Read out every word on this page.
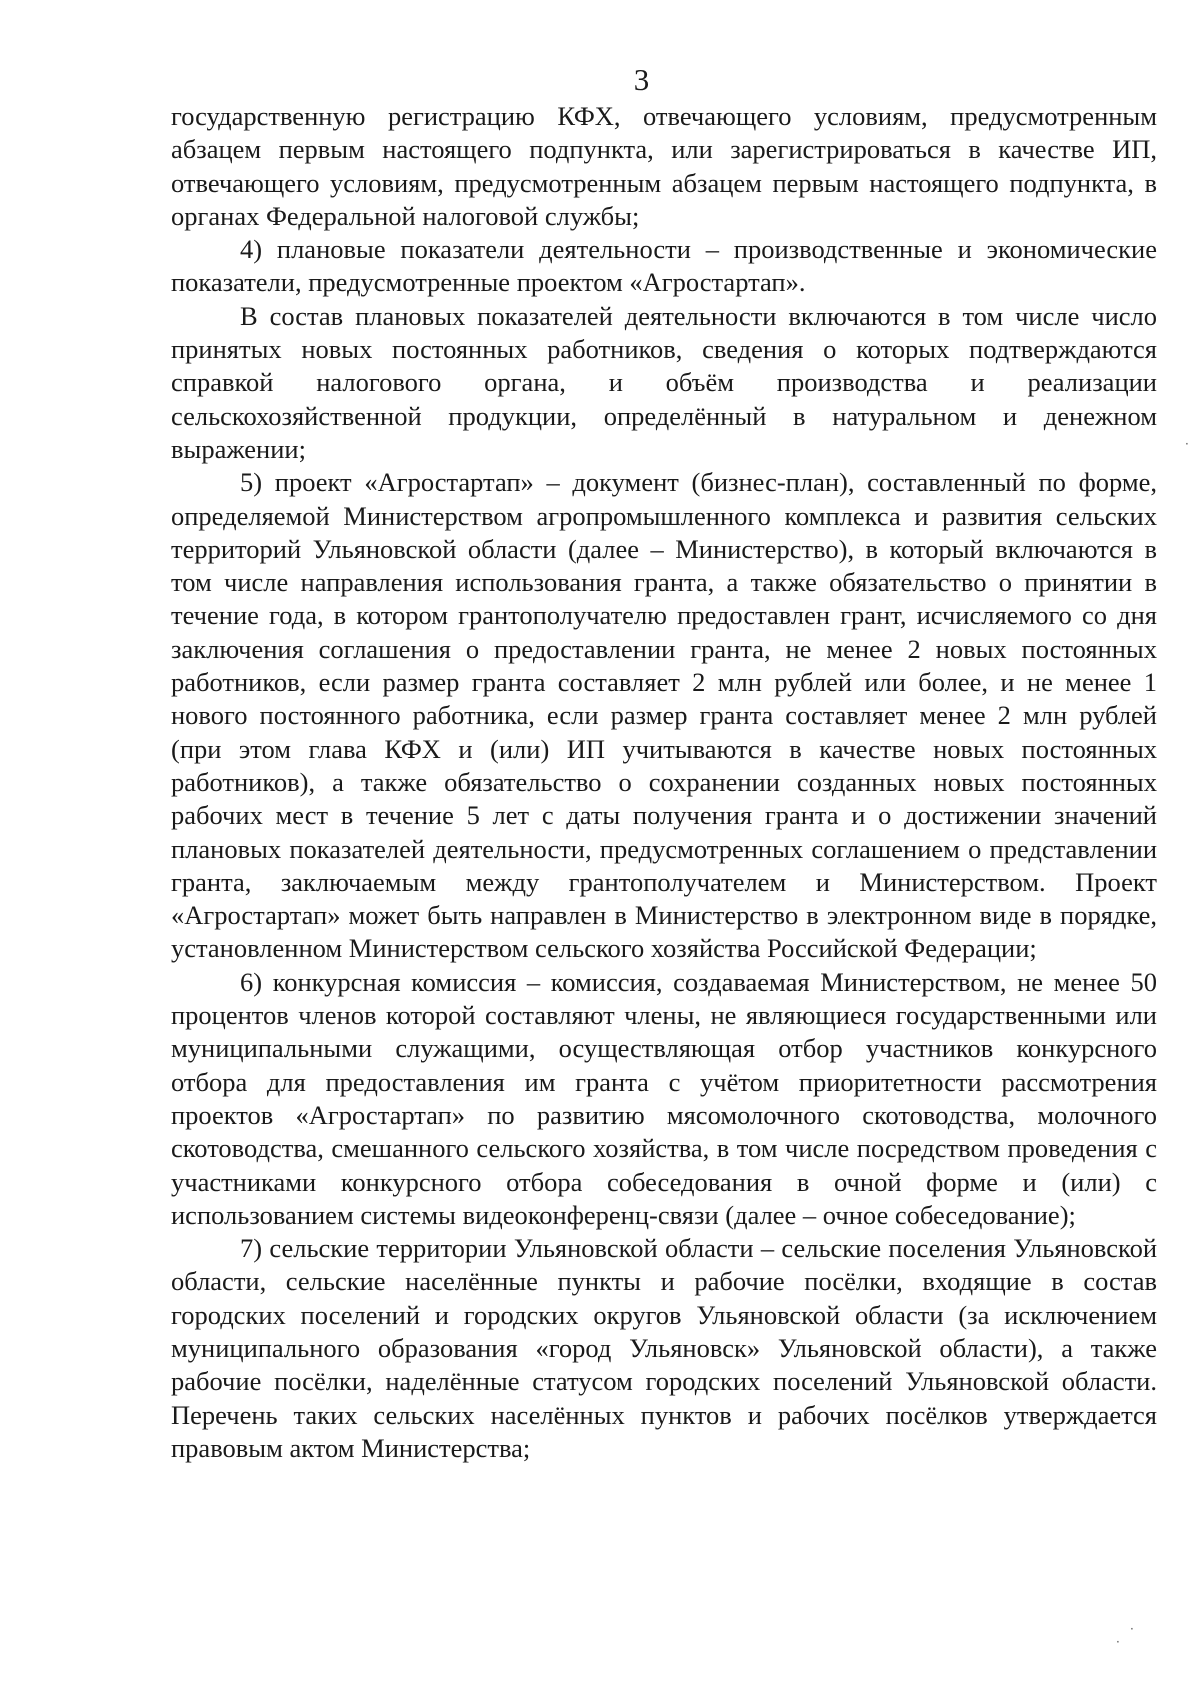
3

государственную регистрацию КФХ, отвечающего условиям, предусмотренным абзацем первым настоящего подпункта, или зарегистрироваться в качестве ИП, отвечающего условиям, предусмотренным абзацем первым настоящего подпункта, в органах Федеральной налоговой службы;

4) плановые показатели деятельности – производственные и экономические показатели, предусмотренные проектом «Агростартап».

В состав плановых показателей деятельности включаются в том числе число принятых новых постоянных работников, сведения о которых подтверждаются справкой налогового органа, и объём производства и реализации сельскохозяйственной продукции, определённый в натуральном и денежном выражении;

5) проект «Агростартап» – документ (бизнес-план), составленный по форме, определяемой Министерством агропромышленного комплекса и развития сельских территорий Ульяновской области (далее – Министерство), в который включаются в том числе направления использования гранта, а также обязательство о принятии в течение года, в котором грантополучателю предоставлен грант, исчисляемого со дня заключения соглашения о предоставлении гранта, не менее 2 новых постоянных работников, если размер гранта составляет 2 млн рублей или более, и не менее 1 нового постоянного работника, если размер гранта составляет менее 2 млн рублей (при этом глава КФХ и (или) ИП учитываются в качестве новых постоянных работников), а также обязательство о сохранении созданных новых постоянных рабочих мест в течение 5 лет с даты получения гранта и о достижении значений плановых показателей деятельности, предусмотренных соглашением о представлении гранта, заключаемым между грантополучателем и Министерством. Проект «Агростартап» может быть направлен в Министерство в электронном виде в порядке, установленном Министерством сельского хозяйства Российской Федерации;

6) конкурсная комиссия – комиссия, создаваемая Министерством, не менее 50 процентов членов которой составляют члены, не являющиеся государственными или муниципальными служащими, осуществляющая отбор участников конкурсного отбора для предоставления им гранта с учётом приоритетности рассмотрения проектов «Агростартап» по развитию мясомолочного скотоводства, молочного скотоводства, смешанного сельского хозяйства, в том числе посредством проведения с участниками конкурсного отбора собеседования в очной форме и (или) с использованием системы видеоконференц-связи (далее – очное собеседование);

7) сельские территории Ульяновской области – сельские поселения Ульяновской области, сельские населённые пункты и рабочие посёлки, входящие в состав городских поселений и городских округов Ульяновской области (за исключением муниципального образования «город Ульяновск» Ульяновской области), а также рабочие посёлки, наделённые статусом городских поселений Ульяновской области. Перечень таких сельских населённых пунктов и рабочих посёлков утверждается правовым актом Министерства;

·
·
·
